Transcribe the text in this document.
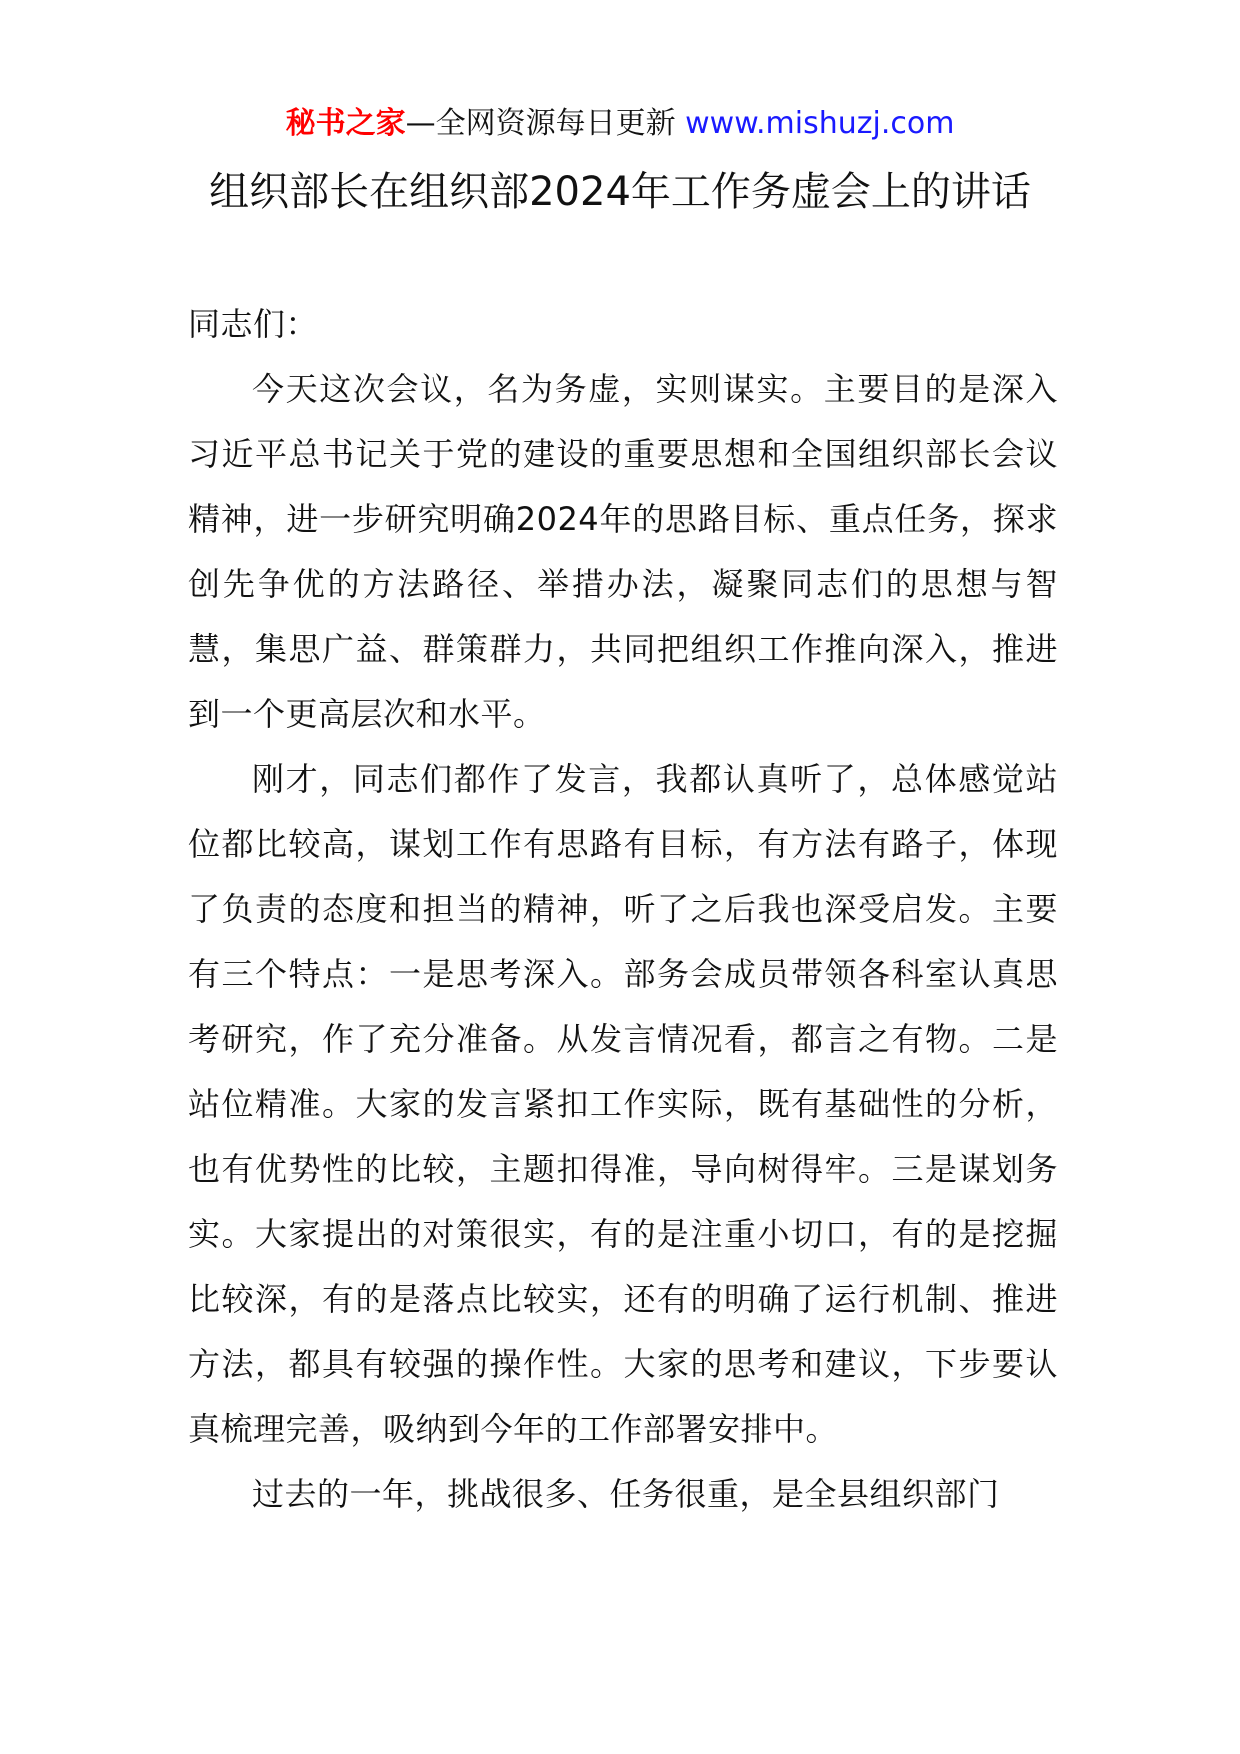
秘书之家—全网资源每日更新 www.mishuzj.com
组织部长在组织部2024年工作务虚会上的讲话

同志们：

今天这次会议，名为务虚，实则谋实。主要目的是深入习近平总书记关于党的建设的重要思想和全国组织部长会议精神，进一步研究明确2024年的思路目标、重点任务，探求创先争优的方法路径、举措办法，凝聚同志们的思想与智慧，集思广益、群策群力，共同把组织工作推向深入，推进到一个更高层次和水平。

刚才，同志们都作了发言，我都认真听了，总体感觉站位都比较高，谋划工作有思路有目标，有方法有路子，体现了负责的态度和担当的精神，听了之后我也深受启发。主要有三个特点：一是思考深入。部务会成员带领各科室认真思考研究，作了充分准备。从发言情况看，都言之有物。二是站位精准。大家的发言紧扣工作实际，既有基础性的分析，也有优势性的比较，主题扣得准，导向树得牢。三是谋划务实。大家提出的对策很实，有的是注重小切口，有的是挖掘比较深，有的是落点比较实，还有的明确了运行机制、推进方法，都具有较强的操作性。大家的思考和建议，下步要认真梳理完善，吸纳到今年的工作部署安排中。

过去的一年，挑战很多、任务很重，是全县组织部门
